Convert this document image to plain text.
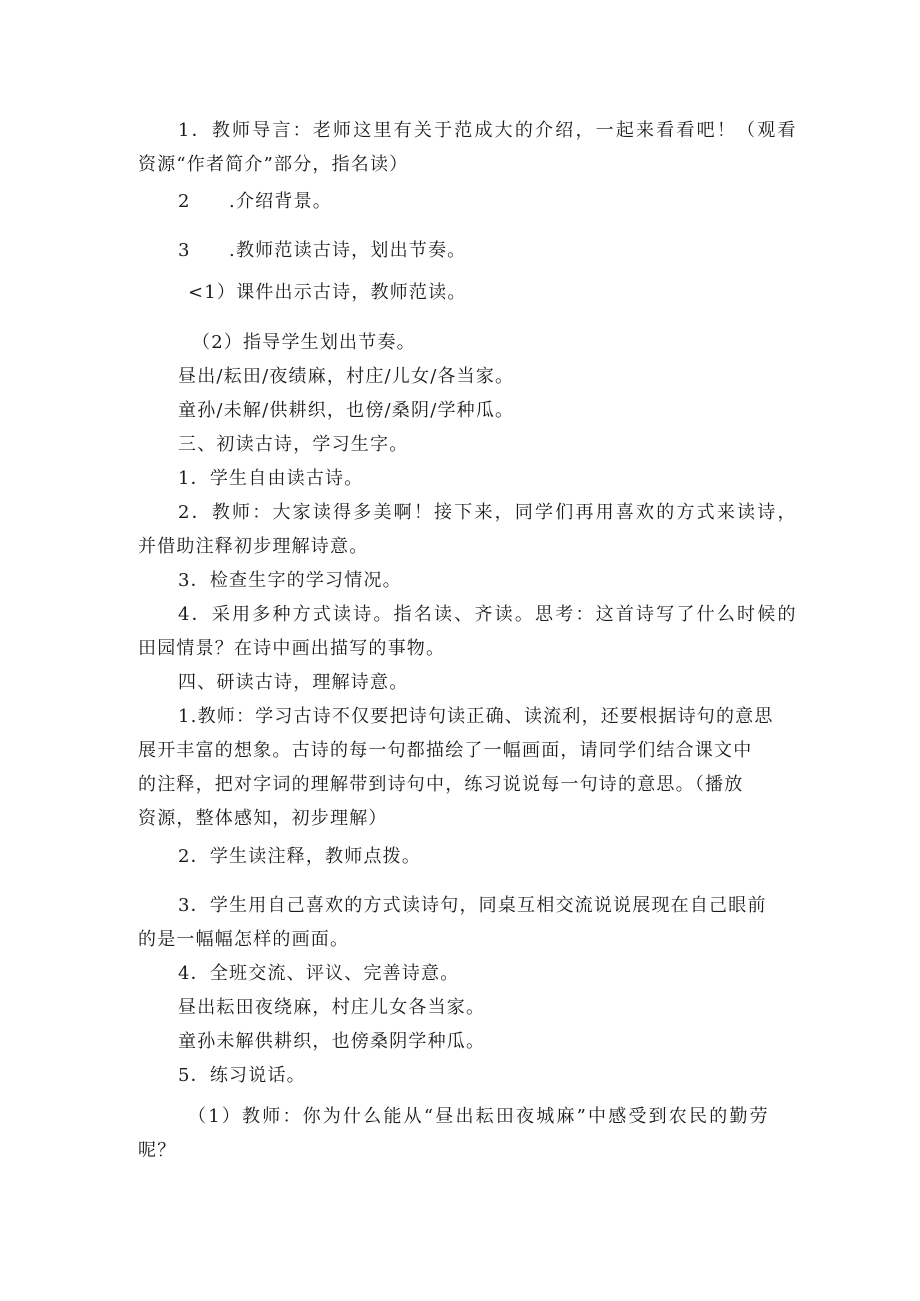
1．教师导言：老师这里有关于范成大的介绍，一起来看看吧！（观看
资源“作者简介”部分，指名读）
2　　.介绍背景。
3　　.教师范读古诗，划出节奏。
<1）课件出示古诗，教师范读。
（2）指导学生划出节奏。
昼出/耘田/夜绩麻，村庄/儿女/各当家。
童孙/未解/供耕织，也傍/桑阴/学种瓜。
三、初读古诗，学习生字。
1．学生自由读古诗。
2．教师：大家读得多美啊！接下来，同学们再用喜欢的方式来读诗，
并借助注释初步理解诗意。
3．检查生字的学习情况。
4．采用多种方式读诗。指名读、齐读。思考：这首诗写了什么时候的
田园情景？在诗中画出描写的事物。
四、研读古诗，理解诗意。
1.教师：学习古诗不仅要把诗句读正确、读流利，还要根据诗句的意思
展开丰富的想象。古诗的每一句都描绘了一幅画面，请同学们结合课文中
的注释，把对字词的理解带到诗句中，练习说说每一句诗的意思。（播放
资源，整体感知，初步理解）
2．学生读注释，教师点拨。
3．学生用自己喜欢的方式读诗句，同桌互相交流说说展现在自己眼前
的是一幅幅怎样的画面。
4．全班交流、评议、完善诗意。
昼出耘田夜绕麻，村庄儿女各当家。
童孙未解供耕织，也傍桑阴学种瓜。
5．练习说话。
（1）教师：你为什么能从“昼出耘田夜城麻”中感受到农民的勤劳
呢？
